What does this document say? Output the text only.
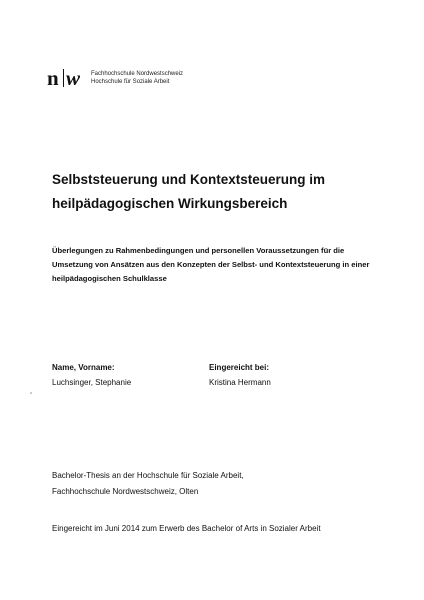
n w Fachhochschule Nordwestschweiz
Hochschule für Soziale Arbeit
Selbststeuerung und Kontextsteuerung im
heilpädagogischen Wirkungsbereich

Überlegungen zu Rahmenbedingungen und personellen Voraussetzungen für die Umsetzung von Ansätzen aus den Konzepten der Selbst- und Kontextsteuerung in einer heilpädagogischen Schulklasse

Name, Vorname:
Luchsinger, Stephanie
Eingereicht bei:
Kristina Hermann
Bachelor-Thesis an der Hochschule für Soziale Arbeit,
Fachhochschule Nordwestschweiz, Olten
Eingereicht im Juni 2014 zum Erwerb des Bachelor of Arts in Sozialer Arbeit
